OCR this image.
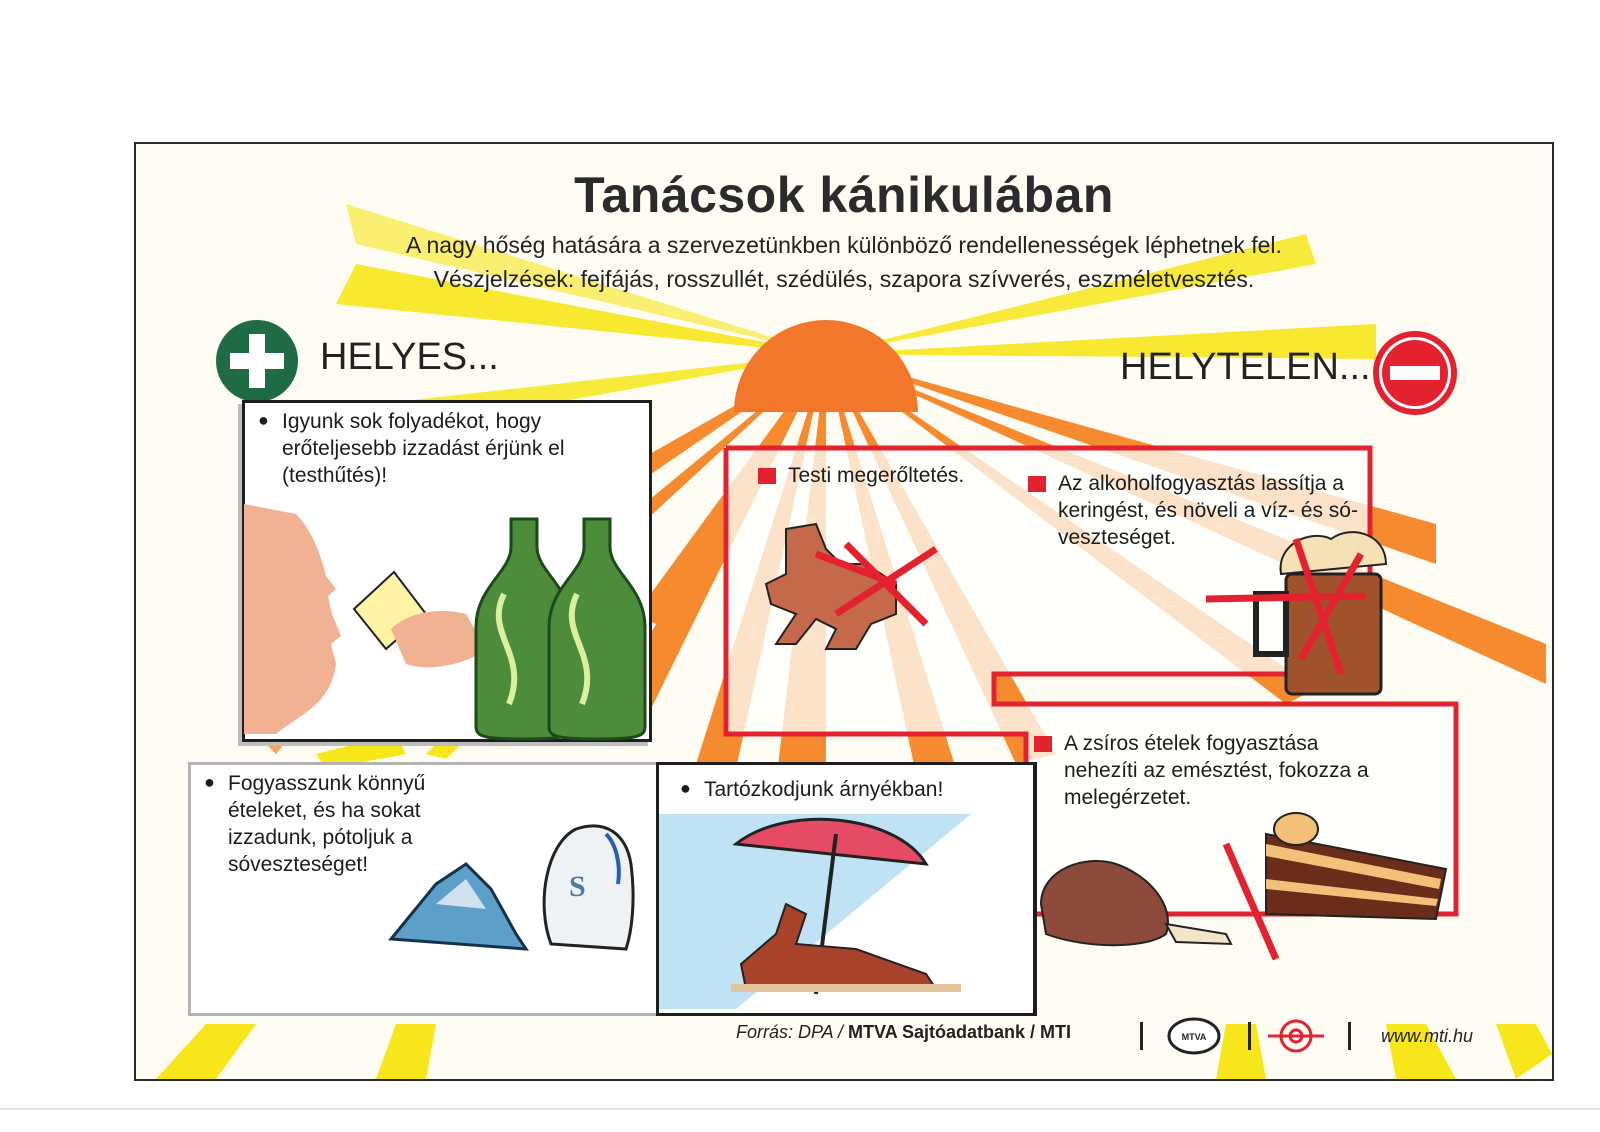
Tanácsok kánikulában
A nagy hőség hatására a szervezetünkben különböző rendellenességek léphetnek fel.
Vészjelzések: fejfájás, rosszullét, szédülés, szapora szívverés, eszméletvesztés.
HELYES...	HELYTELEN...
S
● Igyunk sok folyadékot, hogy erőteljesebb izzadást érjünk el (testhűtés)!
● Fogyasszunk könnyű ételeket, és ha sokat izzadunk, pótoljuk a sóveszteséget!
● Tartózkodjunk árnyékban!
Testi megerőltetés.	Az alkoholfogyasztás lassítja a keringést, és növeli a víz- és só-veszteséget.
A zsíros ételek fogyasztása nehezíti az emésztést, fokozza a melegérzetet.
Forrás: DPA / MTVA Sajtóadatbank / MTI	MTVA	www.mti.hu
